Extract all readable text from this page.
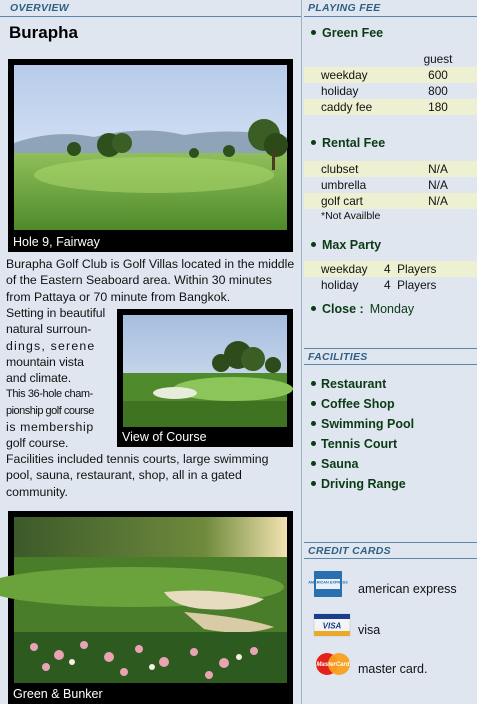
OVERVIEW
Burapha
Hole 9, Fairway
Burapha Golf Club is Golf Villas located in the middle of the Eastern Seaboard area. Within 30 minutes from Pattaya or 70 minute from Bangkok.
View of Course
Setting in beautiful
natural surroun-
dings, serene
mountain vista
and climate.
This 36-hole cham-
pionship golf course
is membership
golf course.
Facilities included tennis courts, large swimming pool, sauna, restaurant, shop, all in a gated community.
Green & Bunker
PLAYING FEE
Green Fee
guest
weekday	600
holiday	800
caddy fee	180
Rental Fee
clubset	N/A
umbrella	N/A
golf cart	N/A
*Not Availble
Max Party
weekday 4  Players
holiday 4  Players
Close : Monday
FACILITIES
Restaurant
Coffee Shop
Swimming Pool
Tennis Court
Sauna
Driving Range
CREDIT CARDS
AMERICAN EXPRESS american express
VISA visa
MasterCard master card.
